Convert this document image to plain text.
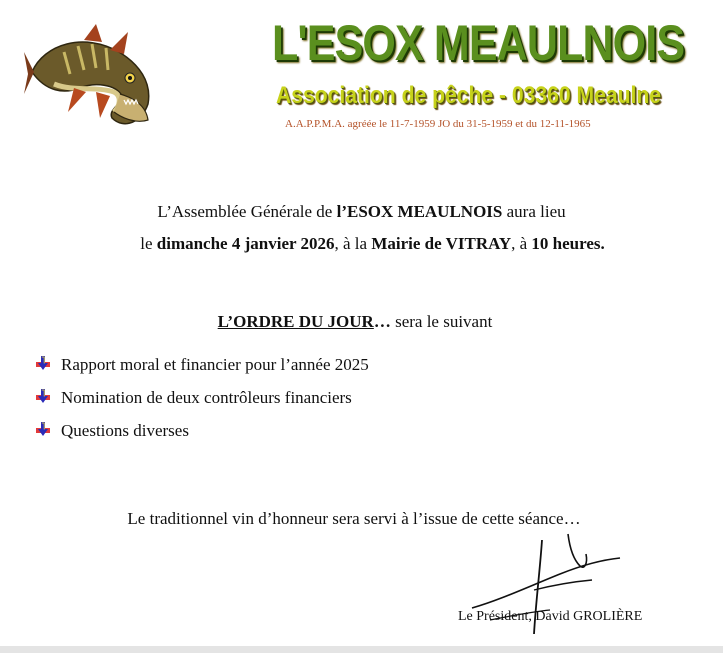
L'ESOX MEAULNOIS
Association de pêche - 03360 Meaulne
A.A.P.P.M.A. agréée le 11-7-1959 JO du 31-5-1959 et du 12-11-1965
L’Assemblée Générale de l’ESOX MEAULNOIS aura lieu
le dimanche 4 janvier 2026, à la Mairie de VITRAY, à 10 heures.
L’ORDRE DU JOUR… sera le suivant
Rapport moral et financier pour l’année 2025
Nomination de deux contrôleurs financiers
Questions diverses
Le traditionnel vin d’honneur sera servi à l’issue de cette séance…
Le Président, David GROLIÈRE
